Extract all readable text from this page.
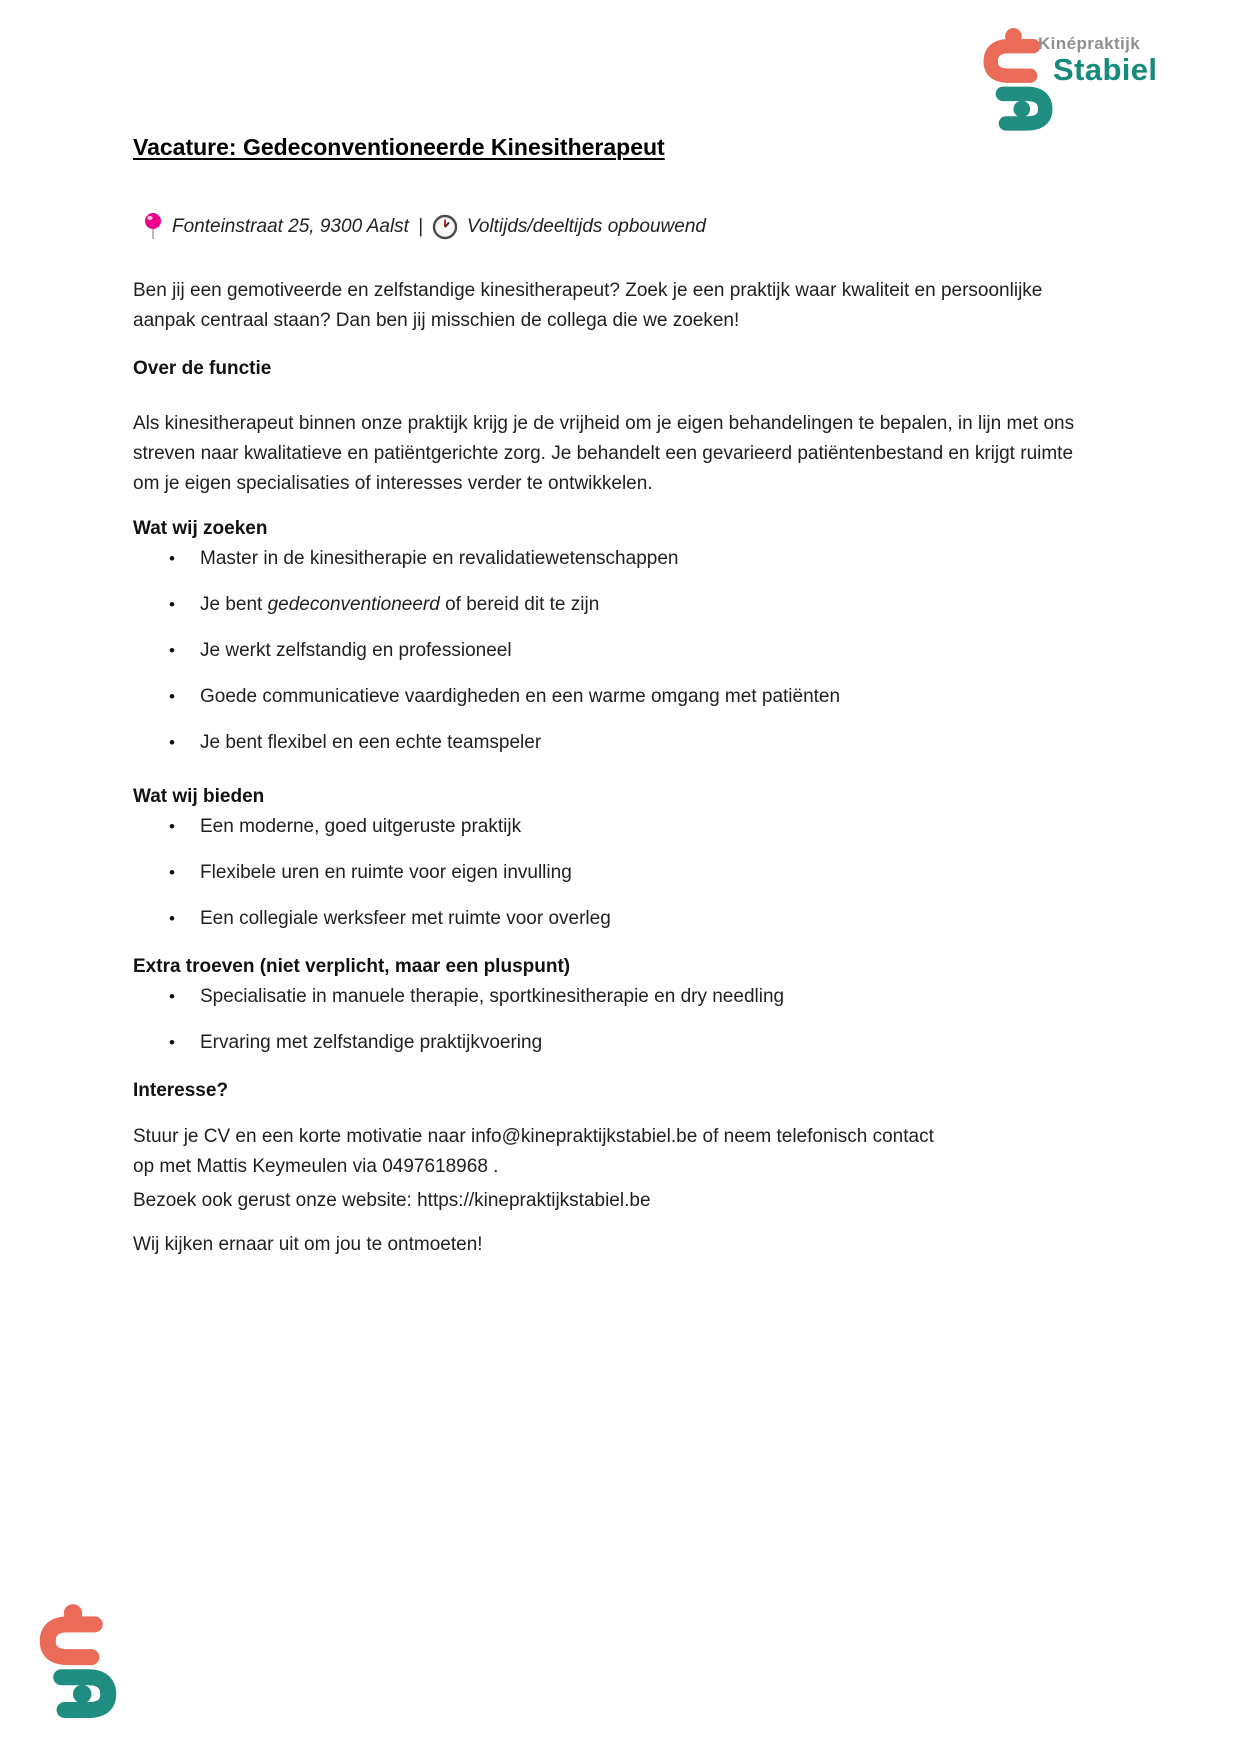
Kinépraktijk
Stabiel
Vacature: Gedeconventioneerde Kinesitherapeut
Fonteinstraat 25, 9300 Aalst | Voltijds/deeltijds opbouwend

Ben jij een gemotiveerde en zelfstandige kinesitherapeut? Zoek je een praktijk waar kwaliteit en persoonlijke aanpak centraal staan? Dan ben jij misschien de collega die we zoeken!

Over de functie

Als kinesitherapeut binnen onze praktijk krijg je de vrijheid om je eigen behandelingen te bepalen, in lijn met ons streven naar kwalitatieve en patiëntgerichte zorg. Je behandelt een gevarieerd patiëntenbestand en krijgt ruimte om je eigen specialisaties of interesses verder te ontwikkelen.

Wat wij zoeken
•	Master in de kinesitherapie en revalidatiewetenschappen
•	Je bent gedeconventioneerd of bereid dit te zijn
•	Je werkt zelfstandig en professioneel
•	Goede communicatieve vaardigheden en een warme omgang met patiënten
•	Je bent flexibel en een echte teamspeler
Wat wij bieden
•	Een moderne, goed uitgeruste praktijk
•	Flexibele uren en ruimte voor eigen invulling
•	Een collegiale werksfeer met ruimte voor overleg
Extra troeven (niet verplicht, maar een pluspunt)
•	Specialisatie in manuele therapie, sportkinesitherapie en dry needling
•	Ervaring met zelfstandige praktijkvoering
Interesse?
Stuur je CV en een korte motivatie naar info@kinepraktijkstabiel.be of neem telefonisch contact
op met Mattis Keymeulen via 0497618968 .
Bezoek ook gerust onze website: https://kinepraktijkstabiel.be

Wij kijken ernaar uit om jou te ontmoeten!
